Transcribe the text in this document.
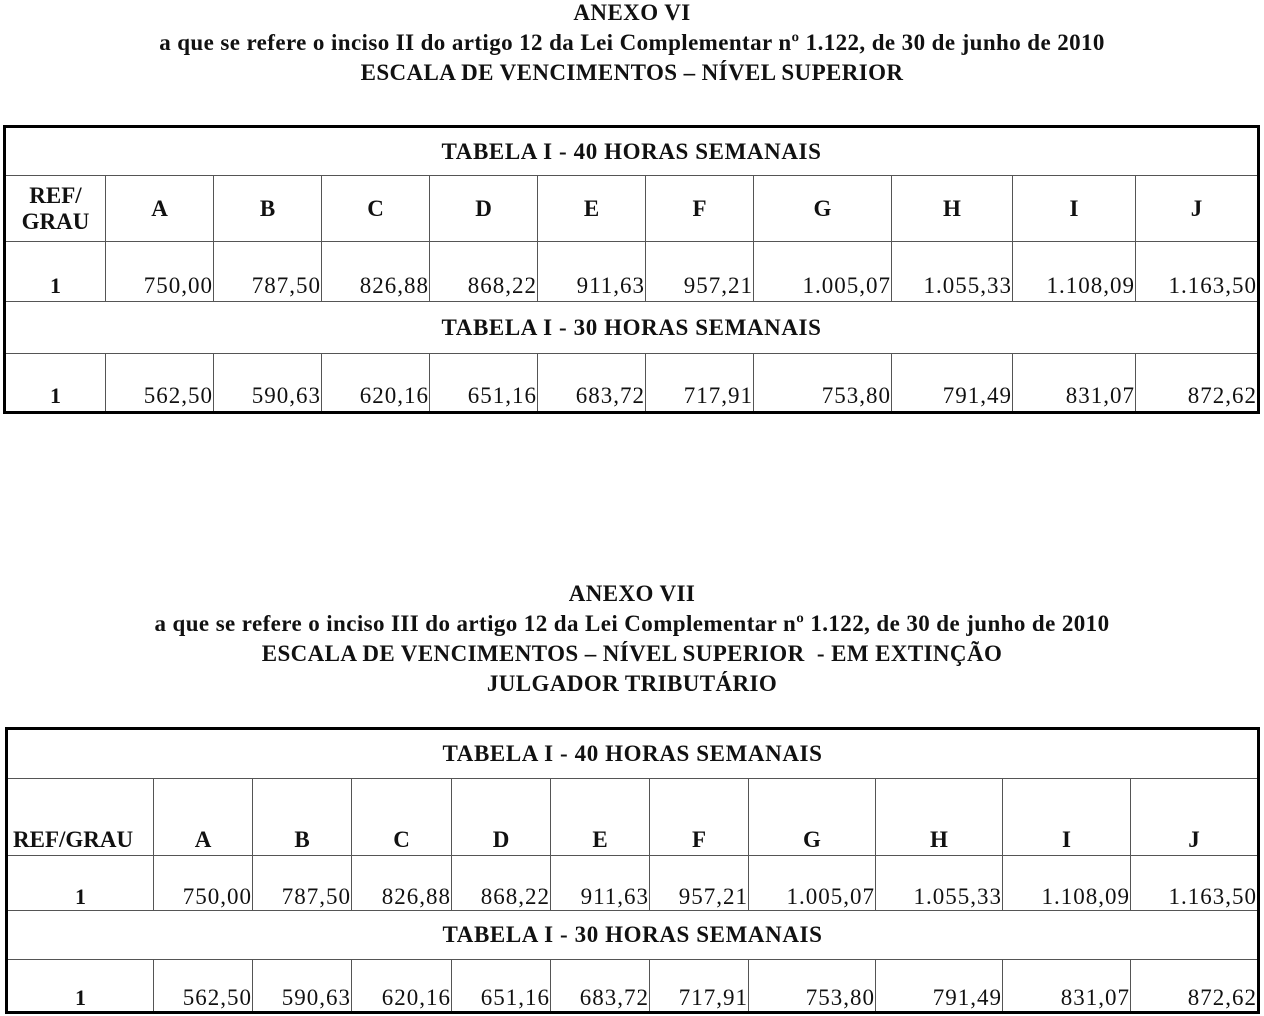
ANEXO VI
a que se refere o inciso II do artigo 12 da Lei Complementar nº 1.122, de 30 de junho de 2010
ESCALA DE VENCIMENTOS – NÍVEL SUPERIOR
TABELA I - 40 HORAS SEMANAIS										
REF/
GRAU	A	B	C	D	E	F	G	H	I	J
1	750,00	787,50	826,88	868,22	911,63	957,21	1.005,07	1.055,33	1.108,09	1.163,50
TABELA I - 30 HORAS SEMANAIS										
1	562,50	590,63	620,16	651,16	683,72	717,91	753,80	791,49	831,07	872,62
ANEXO VII
a que se refere o inciso III do artigo 12 da Lei Complementar nº 1.122, de 30 de junho de 2010
ESCALA DE VENCIMENTOS – NÍVEL SUPERIOR  - EM EXTINÇÃO
JULGADOR TRIBUTÁRIO
TABELA I - 40 HORAS SEMANAIS										
REF/GRAU	A	B	C	D	E	F	G	H	I	J
1	750,00	787,50	826,88	868,22	911,63	957,21	1.005,07	1.055,33	1.108,09	1.163,50
TABELA I - 30 HORAS SEMANAIS										
1	562,50	590,63	620,16	651,16	683,72	717,91	753,80	791,49	831,07	872,62
